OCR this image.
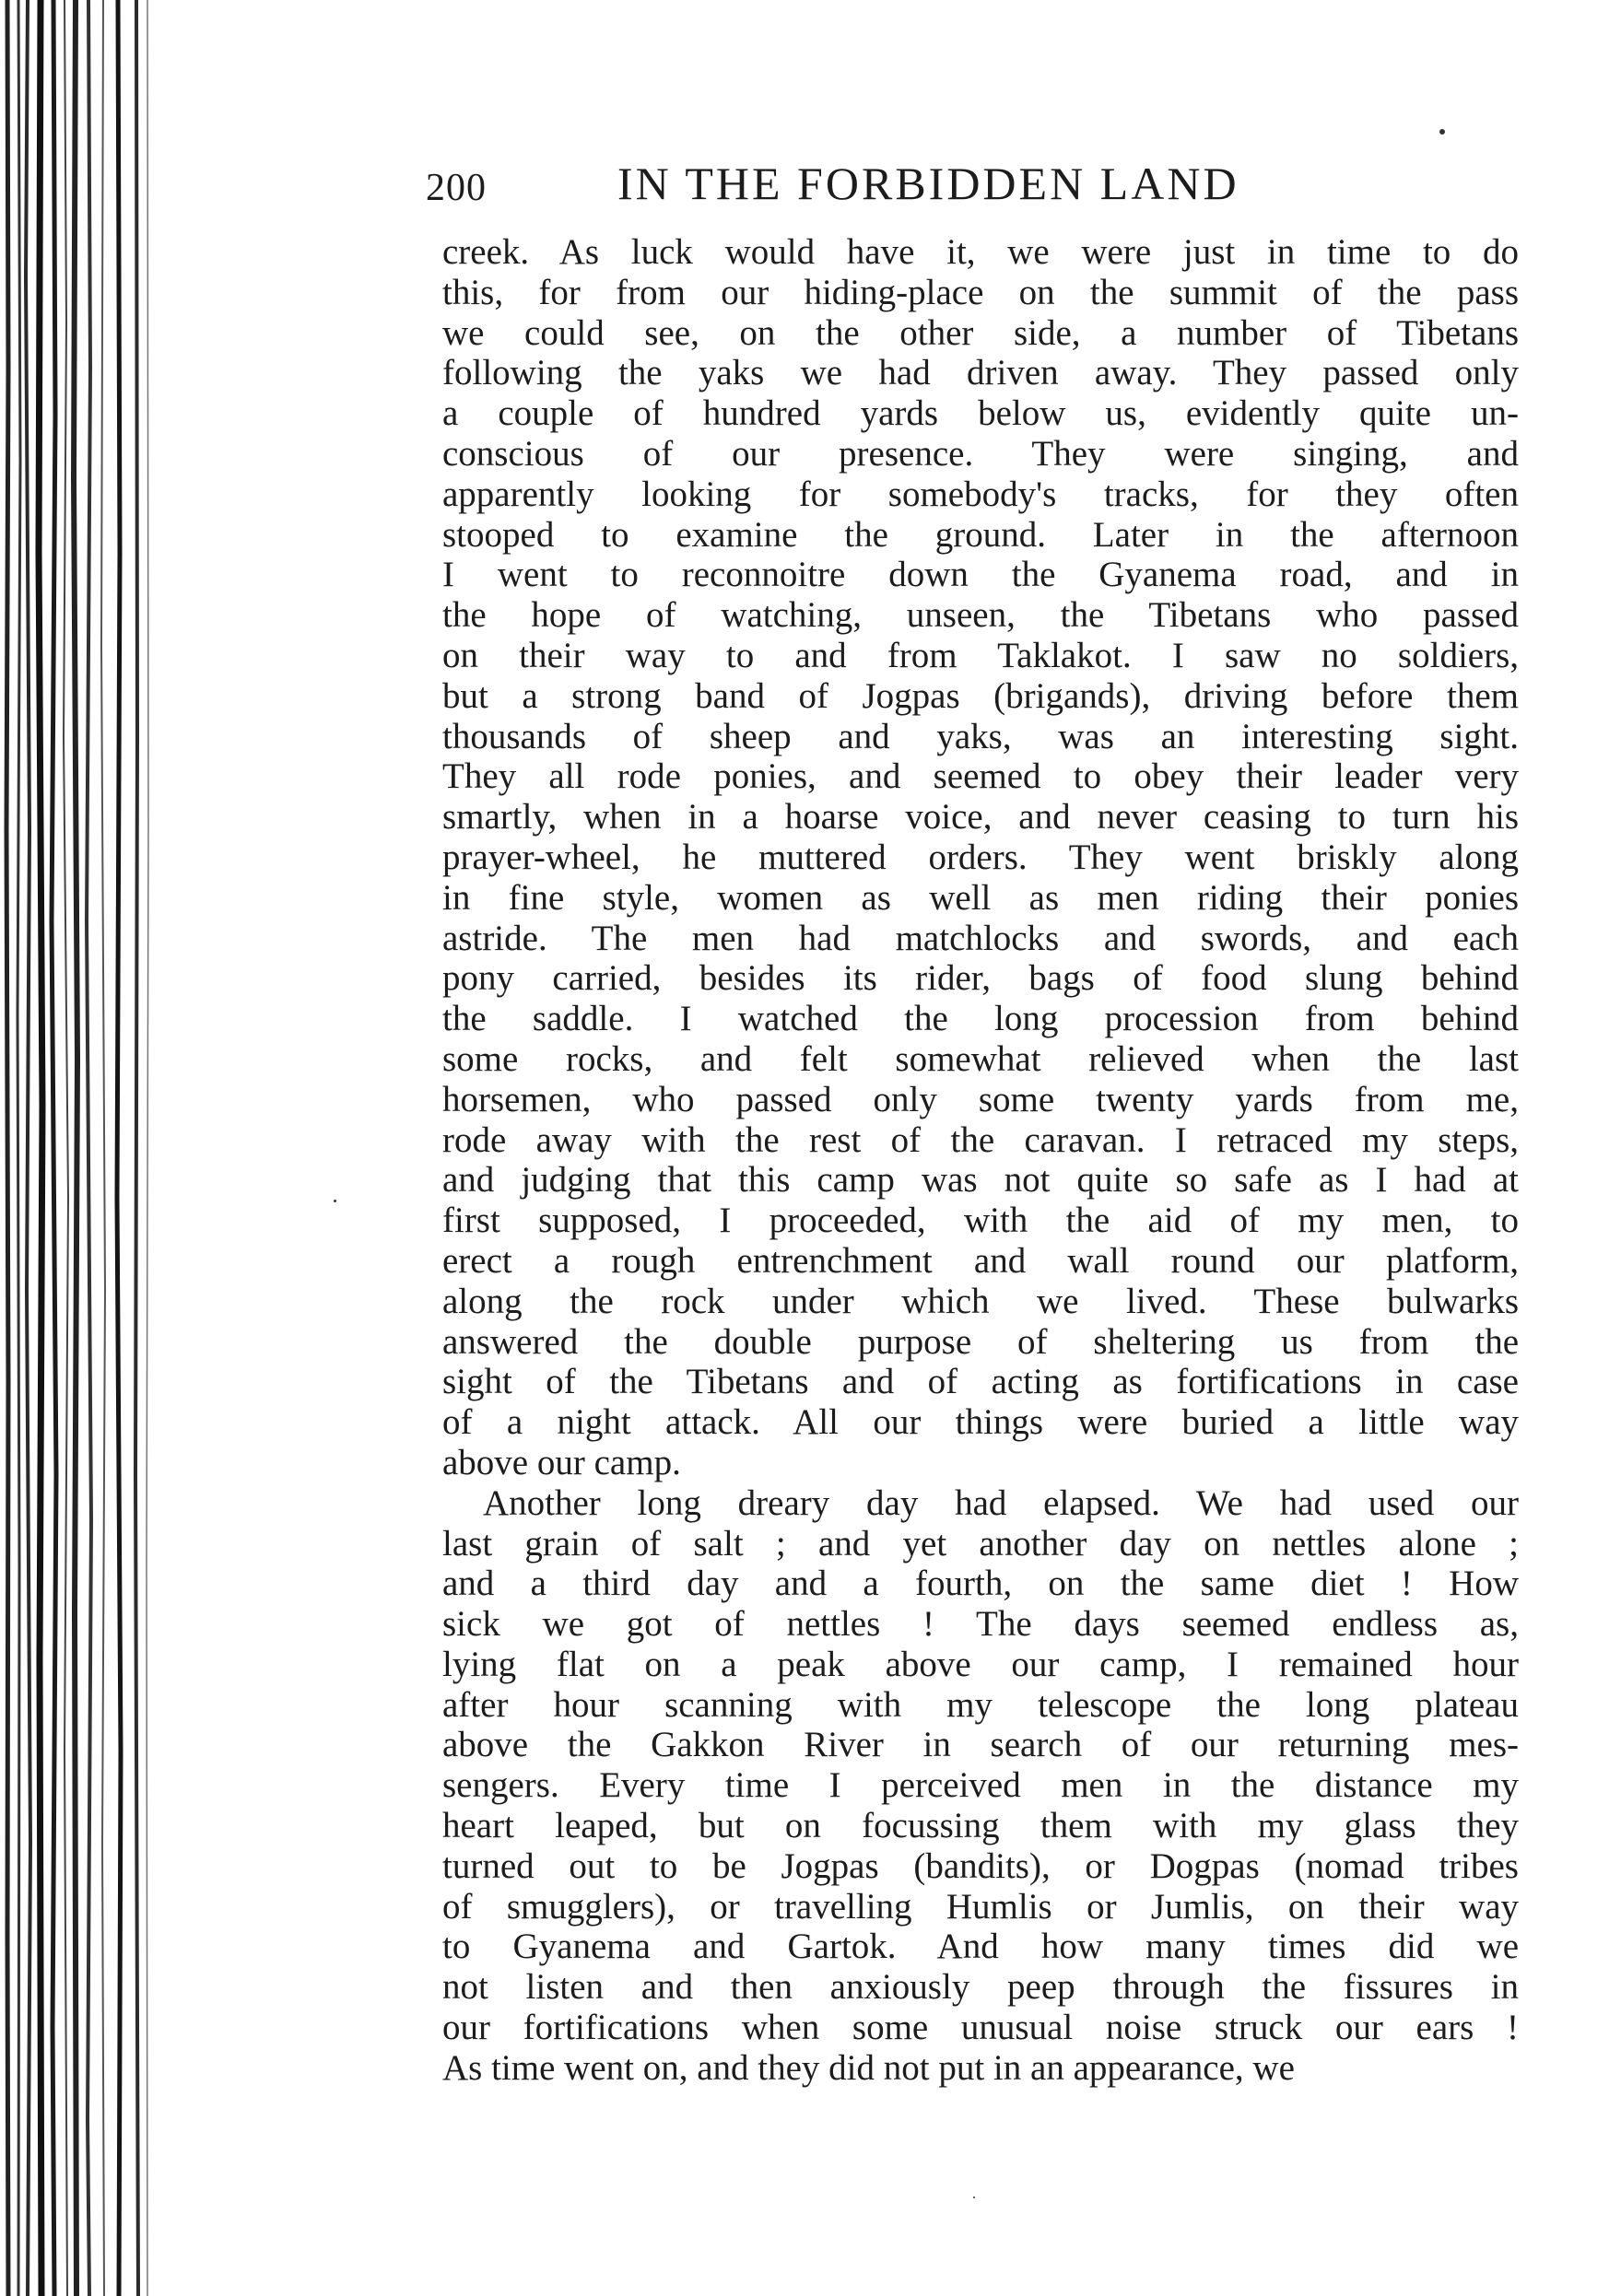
200	IN THE FORBIDDEN LAND
creek. As luck would have it, we were just in time to do
this, for from our hiding-place on the summit of the pass
we could see, on the other side, a number of Tibetans
following the yaks we had driven away. They passed only
a couple of hundred yards below us, evidently quite un-
conscious of our presence. They were singing, and
apparently looking for somebody's tracks, for they often
stooped to examine the ground. Later in the afternoon
I went to reconnoitre down the Gyanema road, and in
the hope of watching, unseen, the Tibetans who passed
on their way to and from Taklakot. I saw no soldiers,
but a strong band of Jogpas (brigands), driving before them
thousands of sheep and yaks, was an interesting sight.
They all rode ponies, and seemed to obey their leader very
smartly, when in a hoarse voice, and never ceasing to turn his
prayer-wheel, he muttered orders. They went briskly along
in fine style, women as well as men riding their ponies
astride. The men had matchlocks and swords, and each
pony carried, besides its rider, bags of food slung behind
the saddle. I watched the long procession from behind
some rocks, and felt somewhat relieved when the last
horsemen, who passed only some twenty yards from me,
rode away with the rest of the caravan. I retraced my steps,
and judging that this camp was not quite so safe as I had at
first supposed, I proceeded, with the aid of my men, to
erect a rough entrenchment and wall round our platform,
along the rock under which we lived. These bulwarks
answered the double purpose of sheltering us from the
sight of the Tibetans and of acting as fortifications in case
of a night attack. All our things were buried a little way
above our camp.
Another long dreary day had elapsed. We had used our
last grain of salt ; and yet another day on nettles alone ;
and a third day and a fourth, on the same diet ! How
sick we got of nettles ! The days seemed endless as,
lying flat on a peak above our camp, I remained hour
after hour scanning with my telescope the long plateau
above the Gakkon River in search of our returning mes-
sengers. Every time I perceived men in the distance my
heart leaped, but on focussing them with my glass they
turned out to be Jogpas (bandits), or Dogpas (nomad tribes
of smugglers), or travelling Humlis or Jumlis, on their way
to Gyanema and Gartok. And how many times did we
not listen and then anxiously peep through the fissures in
our fortifications when some unusual noise struck our ears !
As time went on, and they did not put in an appearance, we
